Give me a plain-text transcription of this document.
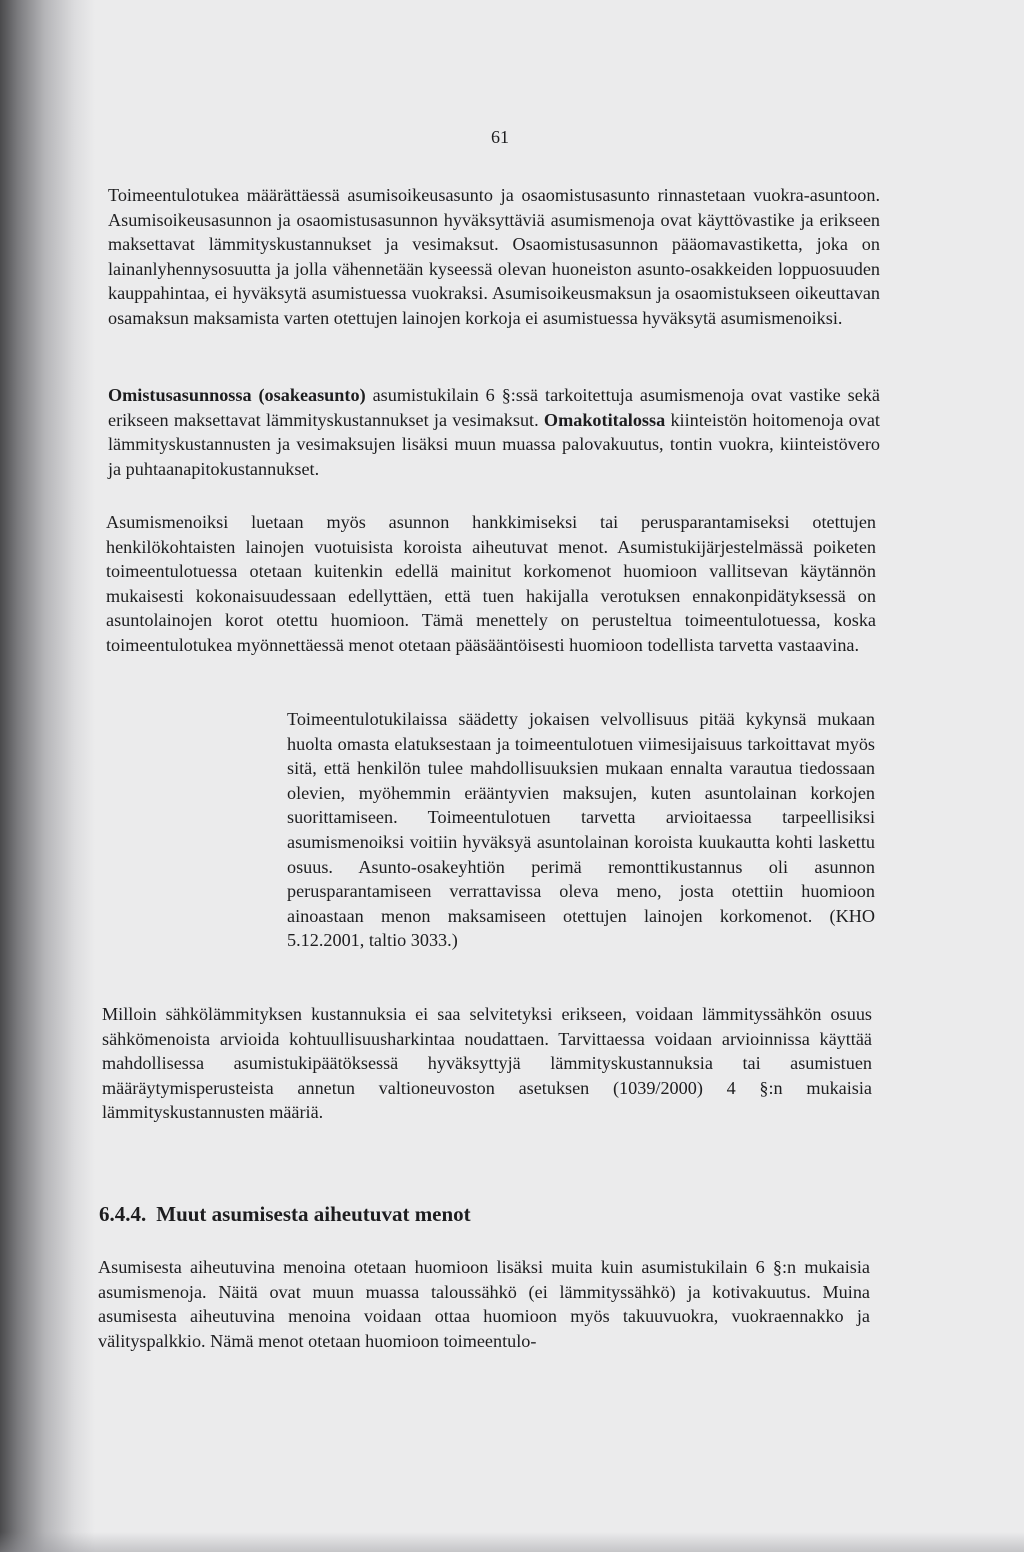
61

Toimeentulotukea määrättäessä asumisoikeusasunto ja osaomistusasunto rinnastetaan vuokra-asuntoon. Asumisoikeusasunnon ja osaomistusasunnon hyväksyttäviä asumismenoja ovat käyttövastike ja erikseen maksettavat lämmityskustannukset ja vesimaksut. Osaomistusasunnon pääomavastiketta, joka on lainanlyhennysosuutta ja jolla vähennetään kyseessä olevan huoneiston asunto-osakkeiden loppuosuuden kauppahintaa, ei hyväksytä asumistuessa vuokraksi. Asumisoikeusmaksun ja osaomistukseen oikeuttavan osamaksun maksamista varten otettujen lainojen korkoja ei asumistuessa hyväksytä asumismenoiksi.

Omistusasunnossa (osakeasunto) asumistukilain 6 §:ssä tarkoitettuja asumismenoja ovat vastike sekä erikseen maksettavat lämmityskustannukset ja vesimaksut. Omakotitalossa kiinteistön hoitomenoja ovat lämmityskustannusten ja vesimaksujen lisäksi muun muassa palovakuutus, tontin vuokra, kiinteistövero ja puhtaanapitokustannukset.

Asumismenoiksi luetaan myös asunnon hankkimiseksi tai perusparantamiseksi otettujen henkilökohtaisten lainojen vuotuisista koroista aiheutuvat menot. Asumistukijärjestelmässä poiketen toimeentulotuessa otetaan kuitenkin edellä mainitut korkomenot huomioon vallitsevan käytännön mukaisesti kokonaisuudessaan edellyttäen, että tuen hakijalla verotuksen ennakonpidätyksessä on asuntolainojen korot otettu huomioon. Tämä menettely on perusteltua toimeentulotuessa, koska toimeentulotukea myönnettäessä menot otetaan pääsääntöisesti huomioon todellista tarvetta vastaavina.

Toimeentulotukilaissa säädetty jokaisen velvollisuus pitää kykynsä mukaan huolta omasta elatuksestaan ja toimeentulotuen viimesijaisuus tarkoittavat myös sitä, että henkilön tulee mahdollisuuksien mukaan ennalta varautua tiedossaan olevien, myöhemmin erääntyvien maksujen, kuten asuntolainan korkojen suorittamiseen. Toimeentulotuen tarvetta arvioitaessa tarpeellisiksi asumismenoiksi voitiin hyväksyä asuntolainan koroista kuukautta kohti laskettu osuus. Asunto-osakeyhtiön perimä remonttikustannus oli asunnon perusparantamiseen verrattavissa oleva meno, josta otettiin huomioon ainoastaan menon maksamiseen otettujen lainojen korkomenot. (KHO 5.12.2001, taltio 3033.)

Milloin sähkölämmityksen kustannuksia ei saa selvitetyksi erikseen, voidaan lämmityssähkön osuus sähkömenoista arvioida kohtuullisuusharkintaa noudattaen. Tarvittaessa voidaan arvioinnissa käyttää mahdollisessa asumistukipäätöksessä hyväksyttyjä lämmityskustannuksia tai asumistuen määräytymisperusteista annetun valtioneuvoston asetuksen (1039/2000) 4 §:n mukaisia lämmityskustannusten määriä.

6.4.4. Muut asumisesta aiheutuvat menot

Asumisesta aiheutuvina menoina otetaan huomioon lisäksi muita kuin asumistukilain 6 §:n mukaisia asumismenoja. Näitä ovat muun muassa taloussähkö (ei lämmityssähkö) ja kotivakuutus. Muina asumisesta aiheutuvina menoina voidaan ottaa huomioon myös takuuvuokra, vuokraennakko ja välityspalkkio. Nämä menot otetaan huomioon toimeentulo-
